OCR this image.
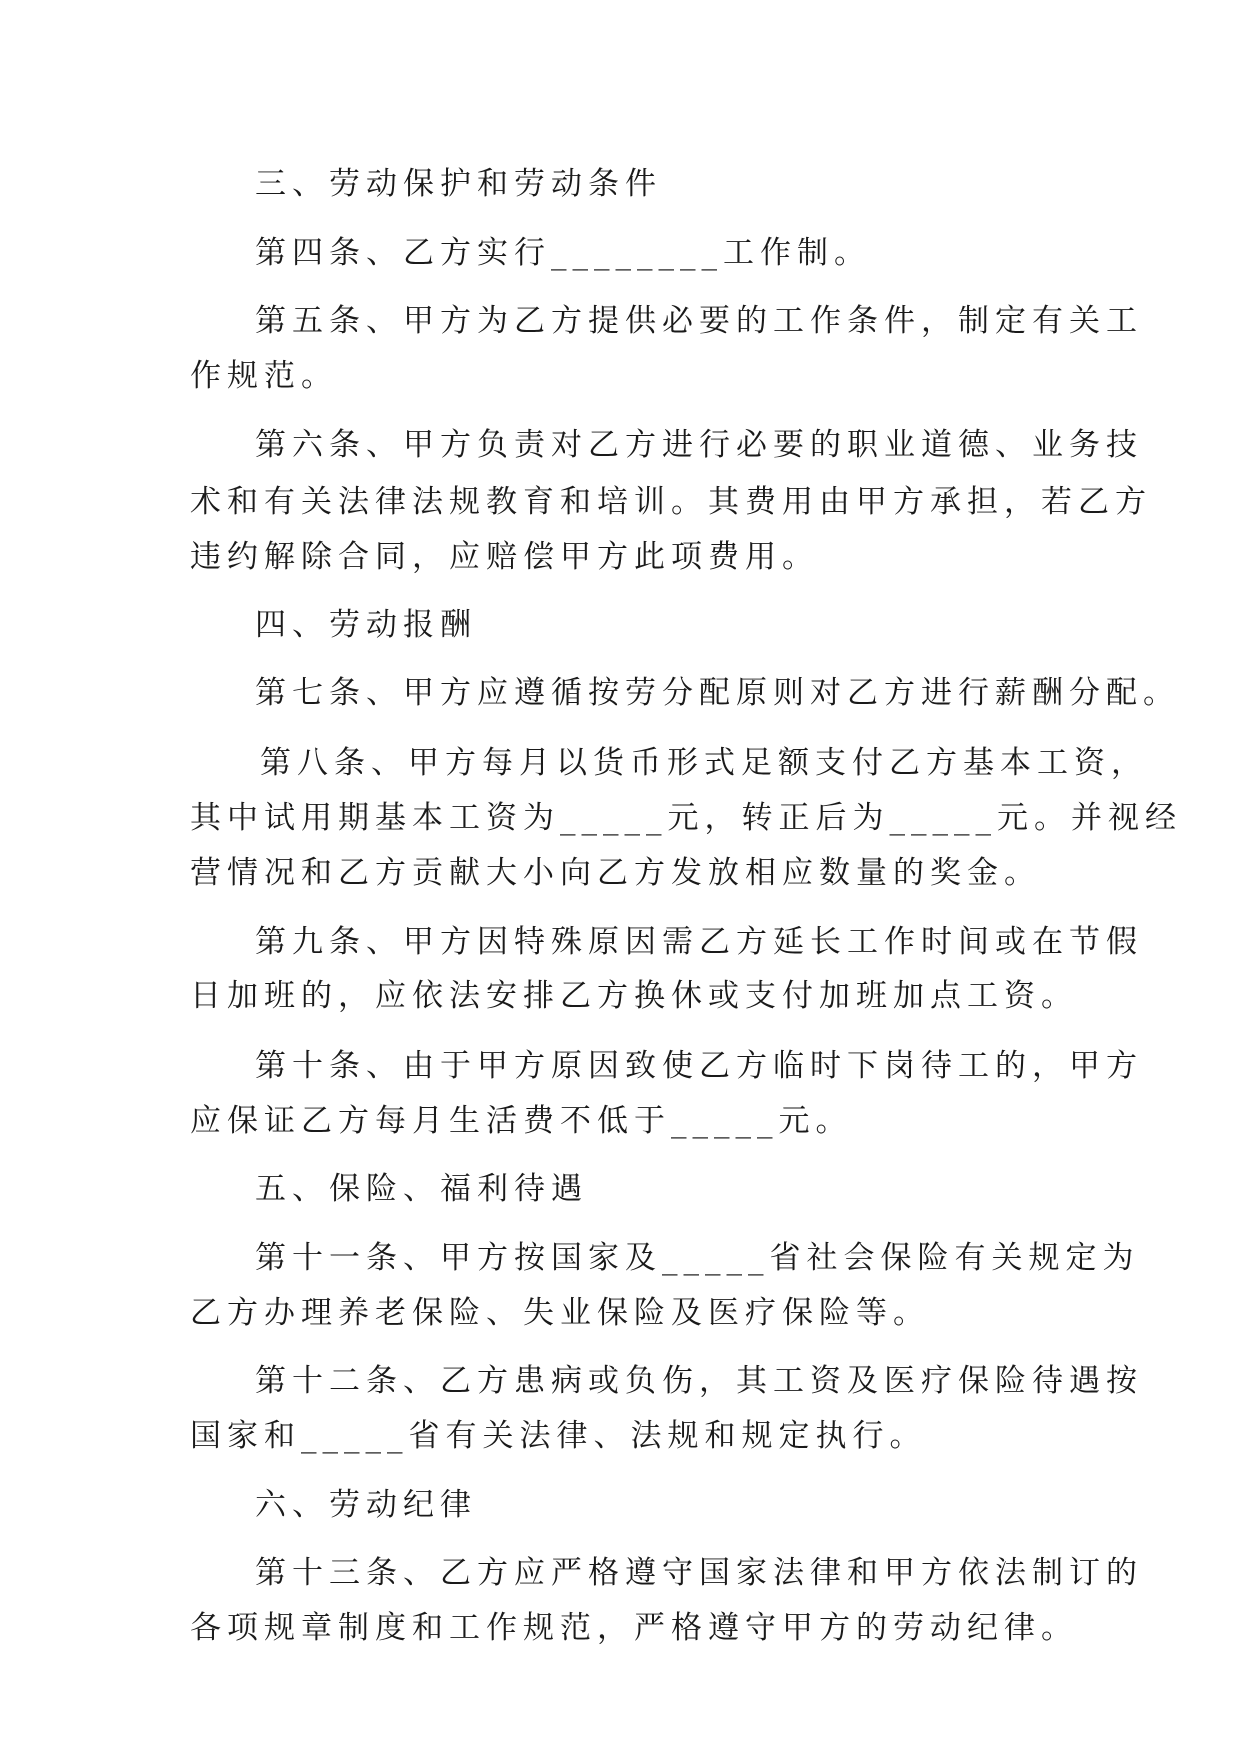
三、劳动保护和劳动条件
第四条、乙方实行________工作制。
第五条、甲方为乙方提供必要的工作条件，制定有关工
作规范。
第六条、甲方负责对乙方进行必要的职业道德、业务技
术和有关法律法规教育和培训。其费用由甲方承担，若乙方
违约解除合同，应赔偿甲方此项费用。
四、劳动报酬
第七条、甲方应遵循按劳分配原则对乙方进行薪酬分配。
第八条、甲方每月以货币形式足额支付乙方基本工资，
其中试用期基本工资为_____元，转正后为_____元。并视经
营情况和乙方贡献大小向乙方发放相应数量的奖金。
第九条、甲方因特殊原因需乙方延长工作时间或在节假
日加班的，应依法安排乙方换休或支付加班加点工资。
第十条、由于甲方原因致使乙方临时下岗待工的，甲方
应保证乙方每月生活费不低于_____元。
五、保险、福利待遇
第十一条、甲方按国家及_____省社会保险有关规定为
乙方办理养老保险、失业保险及医疗保险等。
第十二条、乙方患病或负伤，其工资及医疗保险待遇按
国家和_____省有关法律、法规和规定执行。
六、劳动纪律
第十三条、乙方应严格遵守国家法律和甲方依法制订的
各项规章制度和工作规范，严格遵守甲方的劳动纪律。
